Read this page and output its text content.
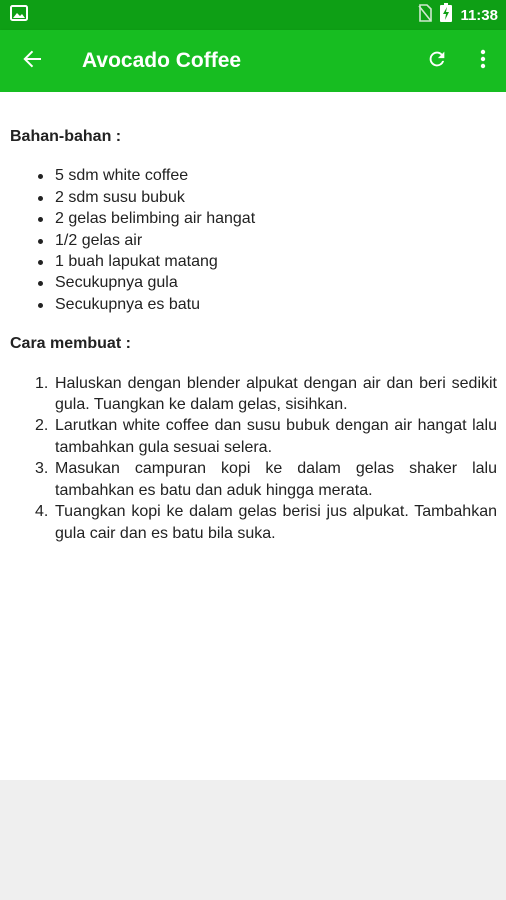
11:38
Avocado Coffee
Bahan-bahan :
5 sdm white coffee
2 sdm susu bubuk
2 gelas belimbing air hangat
1/2 gelas air
1 buah lapukat matang
Secukupnya gula
Secukupnya es batu
Cara membuat :
1. Haluskan dengan blender alpukat dengan air dan beri sedikit gula. Tuangkan ke dalam gelas, sisihkan.
2. Larutkan white coffee dan susu bubuk dengan air hangat lalu tambahkan gula sesuai selera.
3. Masukan campuran kopi ke dalam gelas shaker lalu tambahkan es batu dan aduk hingga merata.
4. Tuangkan kopi ke dalam gelas berisi jus alpukat. Tambahkan gula cair dan es batu bila suka.
